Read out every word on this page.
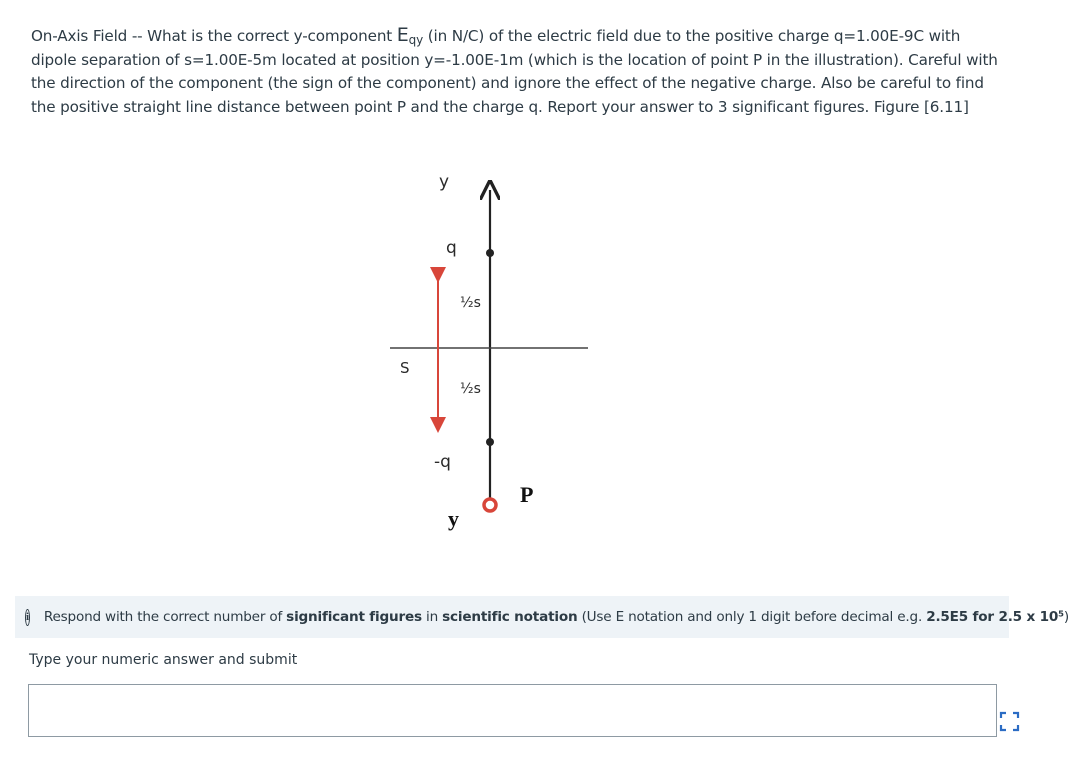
On-Axis Field -- What is the correct y-component $E_{qy}$ (in N/C) of the electric field due to the positive charge q=1.00E-9C with dipole separation of s=1.00E-5m located at position y=-1.00E-1m (which is the location of point P in the illustration). Careful with the direction of the component (the sign of the component) and ignore the effect of the negative charge. Also be careful to find the positive straight line distance between point P and the charge q. Report your answer to 3 significant figures. Figure [6.11]
y
q
½s
S
½s
-q
y
P
i Respond with the correct number of significant figures in scientific notation (Use E notation and only 1 digit before decimal e.g. 2.5E5 for 2.5 x 10⁵)
Type your numeric answer and submit
